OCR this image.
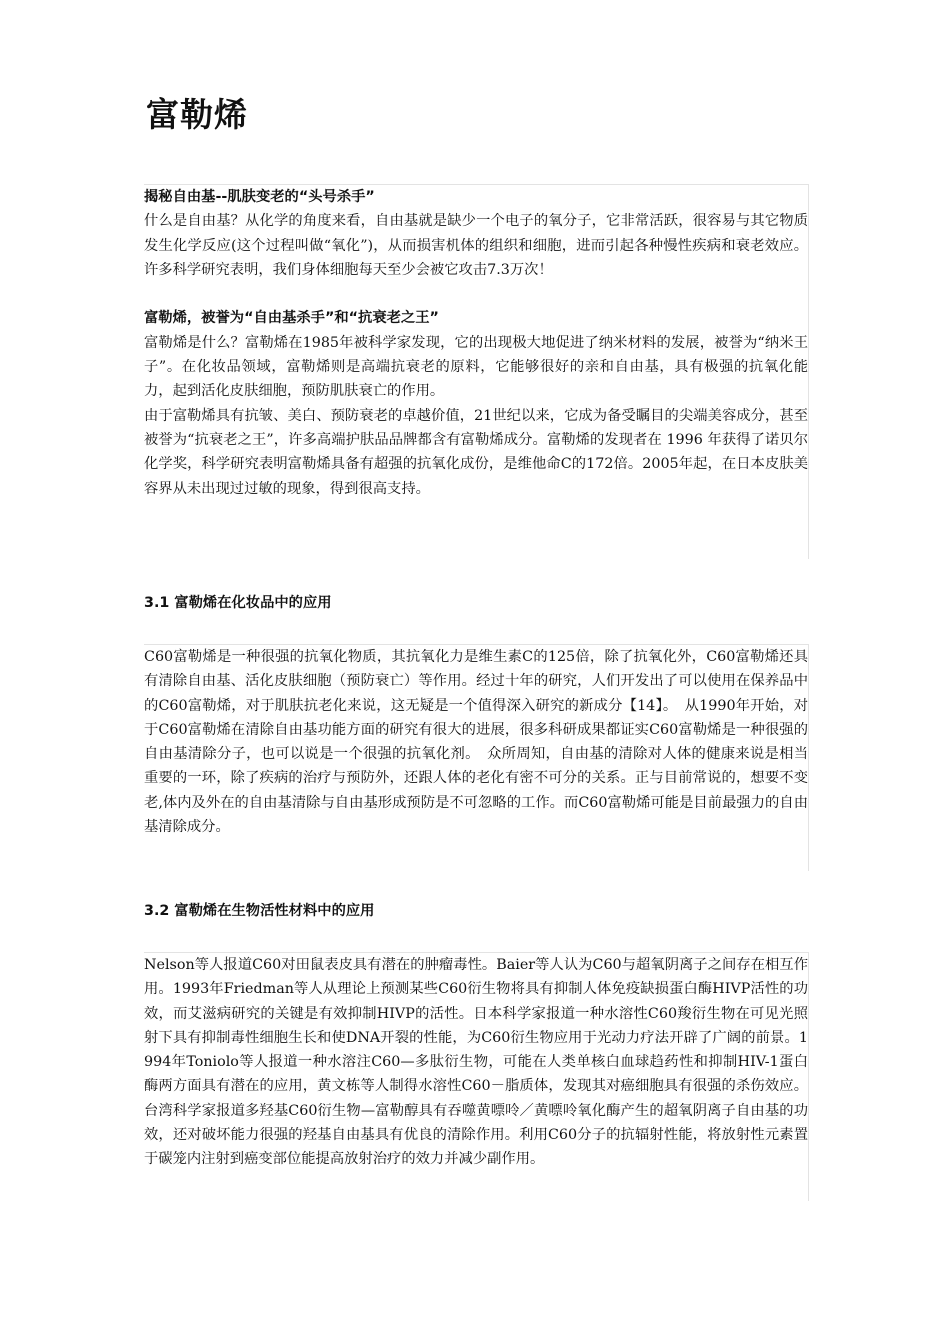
富勒烯

揭秘自由基--肌肤变老的“头号杀手”

什么是自由基？从化学的角度来看，自由基就是缺少一个电子的氧分子，它非常活跃，很容易与其它物质发生化学反应(这个过程叫做“氧化”)，从而损害机体的组织和细胞，进而引起各种慢性疾病和衰老效应。许多科学研究表明，我们身体细胞每天至少会被它攻击7.3万次！

富勒烯，被誉为“自由基杀手”和“抗衰老之王”

富勒烯是什么？富勒烯在1985年被科学家发现，它的出现极大地促进了纳米材料的发展，被誉为“纳米王子”。在化妆品领域，富勒烯则是高端抗衰老的原料，它能够很好的亲和自由基，具有极强的抗氧化能力，起到活化皮肤细胞，预防肌肤衰亡的作用。

由于富勒烯具有抗皱、美白、预防衰老的卓越价值，21世纪以来，它成为备受瞩目的尖端美容成分，甚至被誉为“抗衰老之王”，许多高端护肤品品牌都含有富勒烯成分。富勒烯的发现者在 1996 年获得了诺贝尔化学奖，科学研究表明富勒烯具备有超强的抗氧化成份，是维他命C的172倍。2005年起，在日本皮肤美容界从未出现过过敏的现象，得到很高支持。

3.1 富勒烯在化妆品中的应用

C60富勒烯是一种很强的抗氧化物质，其抗氧化力是维生素C的125倍，除了抗氧化外，C60富勒烯还具有清除自由基、活化皮肤细胞（预防衰亡）等作用。经过十年的研究，人们开发出了可以使用在保养品中的C60富勒烯，对于肌肤抗老化来说，这无疑是一个值得深入研究的新成分【14】。　从1990年开始，对于C60富勒烯在清除自由基功能方面的研究有很大的进展，很多科研成果都证实C60富勒烯是一种很强的自由基清除分子，也可以说是一个很强的抗氧化剂。　众所周知，自由基的清除对人体的健康来说是相当重要的一环，除了疾病的治疗与预防外，还跟人体的老化有密不可分的关系。正与目前常说的，想要不变老,体内及外在的自由基清除与自由基形成预防是不可忽略的工作。而C60富勒烯可能是目前最强力的自由基清除成分。

3.2 富勒烯在生物活性材料中的应用

Nelson等人报道C60对田鼠表皮具有潜在的肿瘤毒性。Baier等人认为C60与超氧阴离子之间存在相互作用。1993年Friedman等人从理论上预测某些C60衍生物将具有抑制人体免疫缺损蛋白酶HIVP活性的功效，而艾滋病研究的关键是有效抑制HIVP的活性。日本科学家报道一种水溶性C60羧衍生物在可见光照射下具有抑制毒性细胞生长和使DNA开裂的性能，为C60衍生物应用于光动力疗法开辟了广阔的前景。1994年Toniolo等人报道一种水溶注C60—多肽衍生物，可能在人类单核白血球趋药性和抑制HIV-1蛋白酶两方面具有潜在的应用，黄文栋等人制得水溶性C60－脂质体，发现其对癌细胞具有很强的杀伤效应。台湾科学家报道多羟基C60衍生物—富勒醇具有吞噬黄嘌呤／黄嘌呤氧化酶产生的超氧阴离子自由基的功效，还对破坏能力很强的羟基自由基具有优良的清除作用。利用C60分子的抗辐射性能，将放射性元素置于碳笼内注射到癌变部位能提高放射治疗的效力并减少副作用。
